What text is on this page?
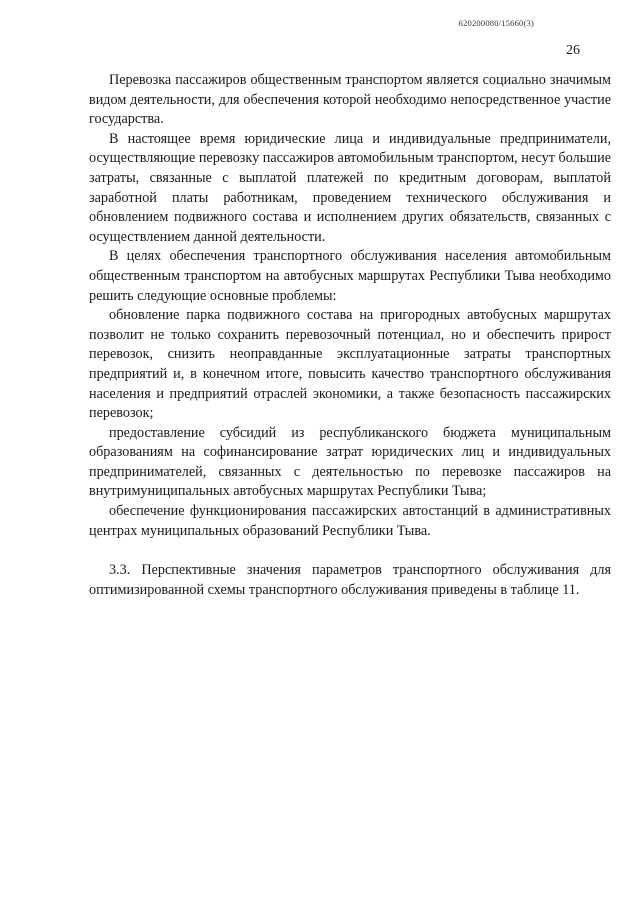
620200080/15660(3)
26

Перевозка пассажиров общественным транспортом является социально значимым видом деятельности, для обеспечения которой необходимо непосредственное участие государства.

В настоящее время юридические лица и индивидуальные предприниматели, осуществляющие перевозку пассажиров автомобильным транспортом, несут большие затраты, связанные с выплатой платежей по кредитным договорам, выплатой заработной платы работникам, проведением технического обслуживания и обновлением подвижного состава и исполнением других обязательств, связанных с осуществлением данной деятельности.

В целях обеспечения транспортного обслуживания населения автомобильным общественным транспортом на автобусных маршрутах Республики Тыва необходимо решить следующие основные проблемы:

обновление парка подвижного состава на пригородных автобусных маршрутах позволит не только сохранить перевозочный потенциал, но и обеспечить прирост перевозок, снизить неоправданные эксплуатационные затраты транспортных предприятий и, в конечном итоге, повысить качество транспортного обслуживания населения и предприятий отраслей экономики, а также безопасность пассажирских перевозок;

предоставление субсидий из республиканского бюджета муниципальным образованиям на софинансирование затрат юридических лиц и индивидуальных предпринимателей, связанных с деятельностью по перевозке пассажиров на внутримуниципальных автобусных маршрутах Республики Тыва;

обеспечение функционирования пассажирских автостанций в административных центрах муниципальных образований Республики Тыва.

3.3. Перспективные значения параметров транспортного обслуживания для оптимизированной схемы транспортного обслуживания приведены в таблице 11.
